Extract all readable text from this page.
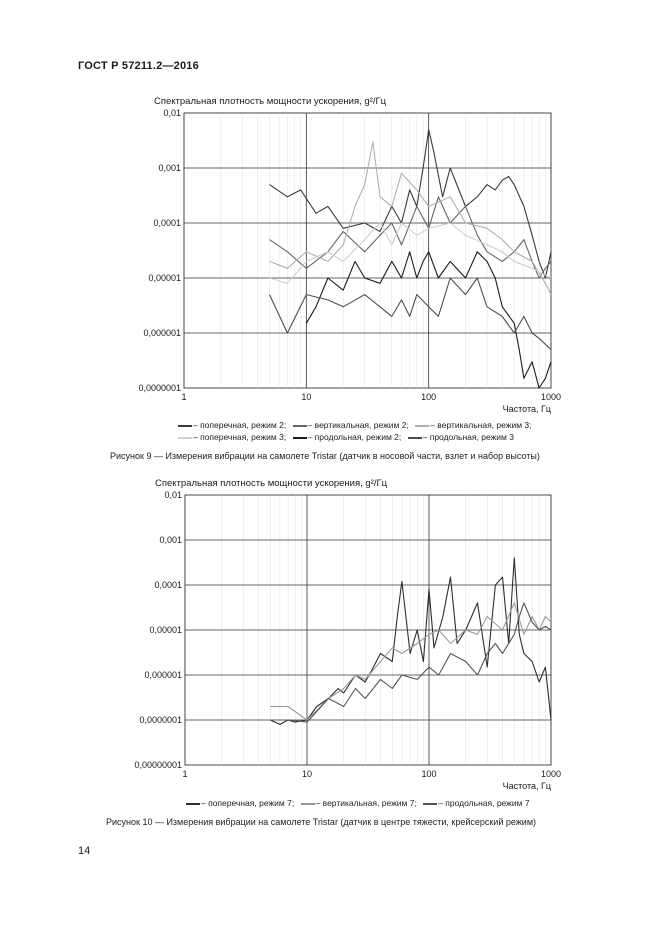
ГОСТ Р 57211.2—2016
1	10	100	1000
0,0000001
0,000001
0,00001
0,0001
0,001
0,01
Спектральная плотность мощности ускорения, g²/Гц
Частота, Гц
1	10	100	1000
0,00000001
0,0000001
0,000001
0,00001
0,0001
0,001
0,01
Спектральная плотность мощности ускорения, g²/Гц
Частота, Гц
– поперечная, режим 2;	– вертикальная, режим 2;	– вертикальная, режим 3;
– поперечная, режим 3;	– продольная, режим 2;	– продольная, режим 3
Рисунок 9 — Измерения вибрации на самолете Tristar (датчик в носовой части, взлет и набор высоты)
– поперечная, режим 7;	– вертикальная, режим 7;	– продольная, режим 7
Рисунок 10 — Измерения вибрации на самолете Tristar (датчик в центре тяжести, крейсерский режим)
14
